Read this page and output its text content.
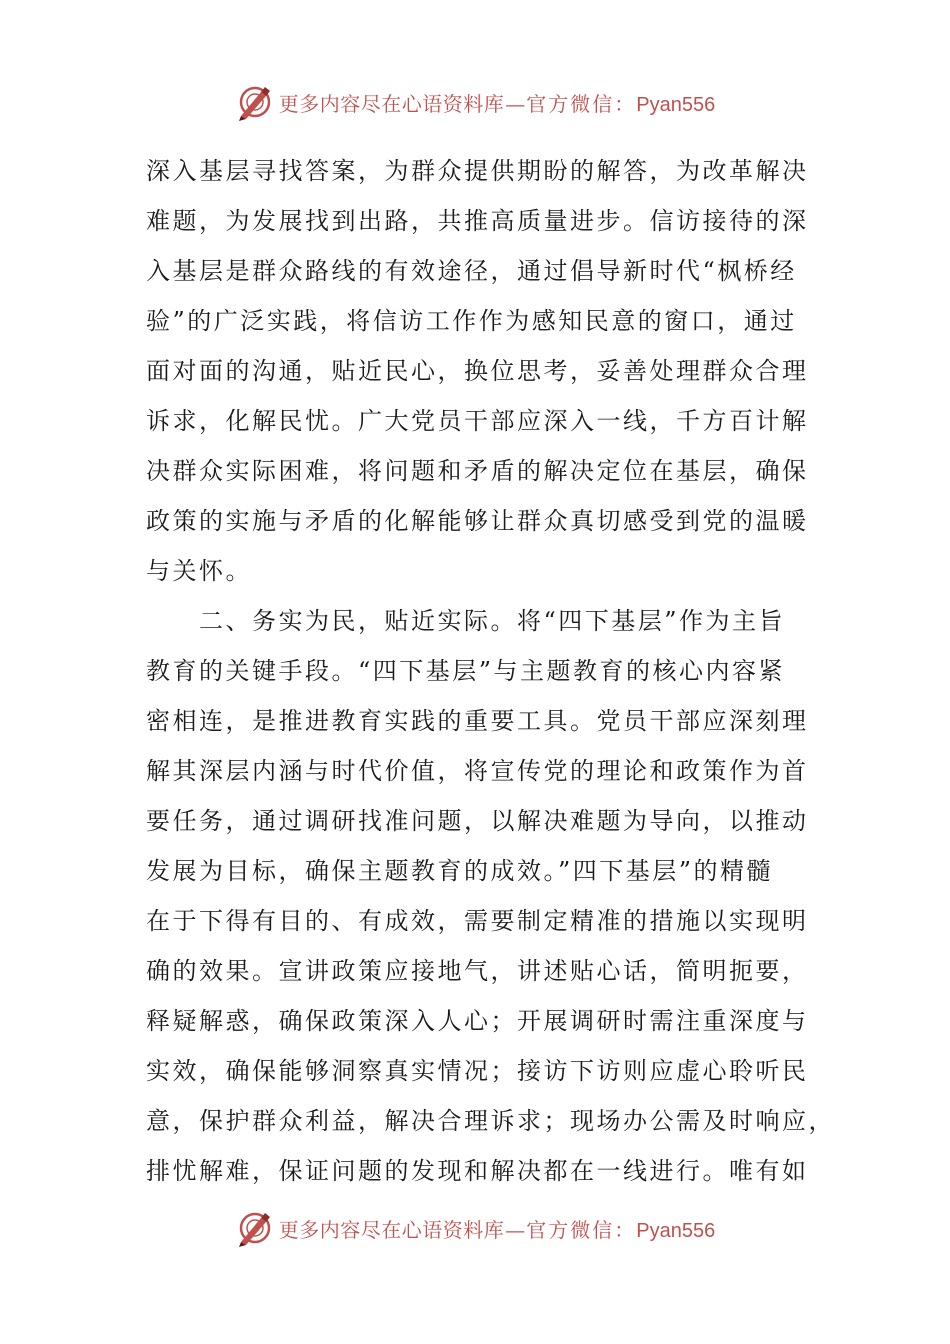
更多内容尽在心语资料库 — 官方微信： Pyan556
深入基层寻找答案，为群众提供期盼的解答，为改革解决
难题，为发展找到出路，共推高质量进步。信访接待的深
入基层是群众路线的有效途径，通过倡导新时代“枫桥经
验”的广泛实践，将信访工作作为感知民意的窗口，通过
面对面的沟通，贴近民心，换位思考，妥善处理群众合理
诉求，化解民忧。广大党员干部应深入一线，千方百计解
决群众实际困难，将问题和矛盾的解决定位在基层，确保
政策的实施与矛盾的化解能够让群众真切感受到党的温暖
与关怀。
　　二、务实为民，贴近实际。将“四下基层”作为主旨
教育的关键手段。“四下基层”与主题教育的核心内容紧
密相连，是推进教育实践的重要工具。党员干部应深刻理
解其深层内涵与时代价值，将宣传党的理论和政策作为首
要任务，通过调研找准问题，以解决难题为导向，以推动
发展为目标，确保主题教育的成效。”四下基层”的精髓
在于下得有目的、有成效，需要制定精准的措施以实现明
确的效果。宣讲政策应接地气，讲述贴心话，简明扼要，
释疑解惑，确保政策深入人心；开展调研时需注重深度与
实效，确保能够洞察真实情况；接访下访则应虚心聆听民
意，保护群众利益，解决合理诉求；现场办公需及时响应，
排忧解难，保证问题的发现和解决都在一线进行。唯有如
更多内容尽在心语资料库 — 官方微信： Pyan556
